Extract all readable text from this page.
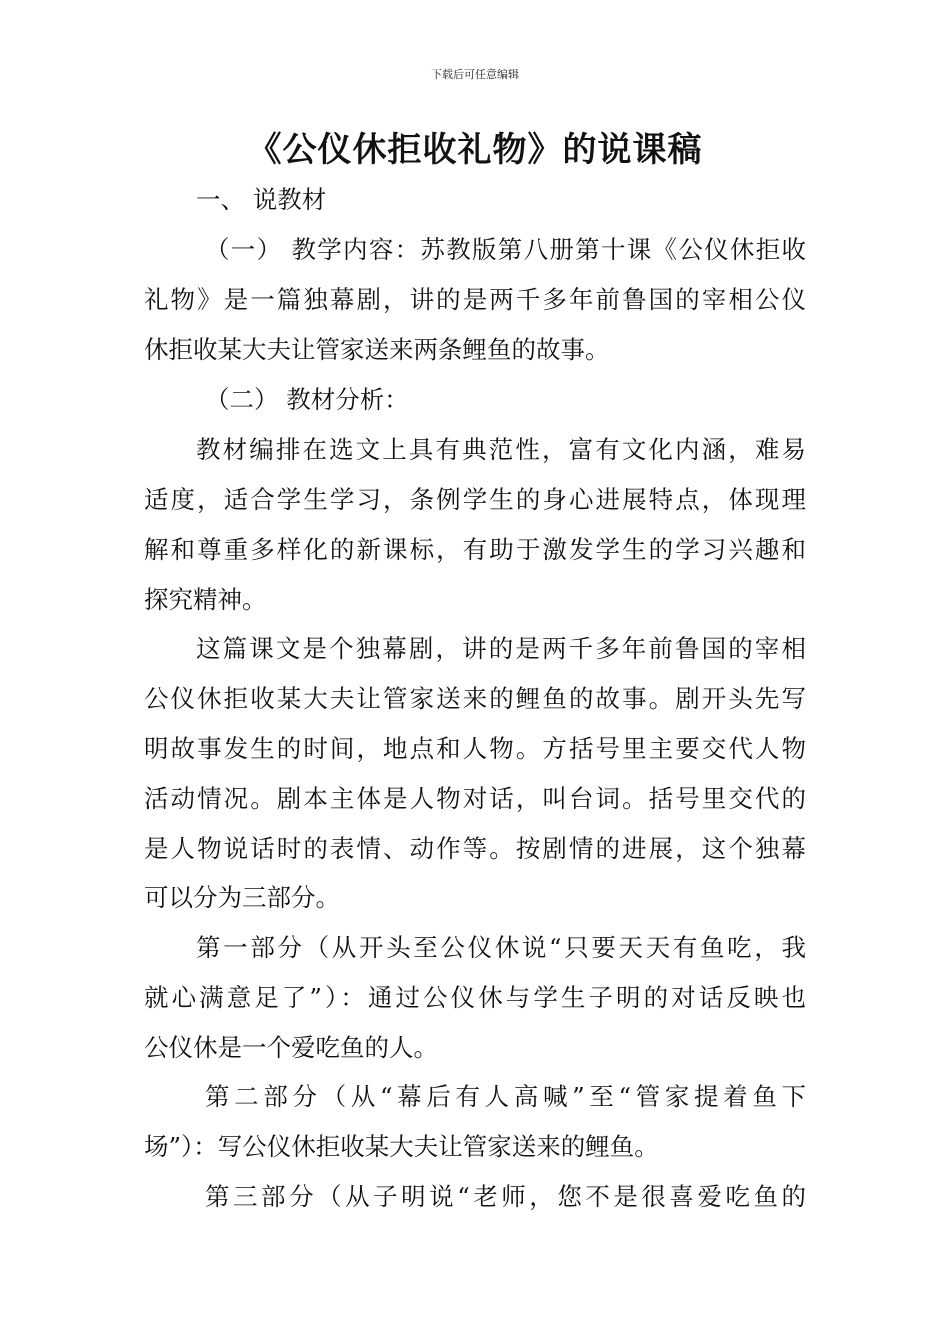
下载后可任意编辑
《公仪休拒收礼物》的说课稿
一、 说教材
（一） 教学内容：苏教版第八册第十课《公仪休拒收
礼物》是一篇独幕剧，讲的是两千多年前鲁国的宰相公仪
休拒收某大夫让管家送来两条鲤鱼的故事。
（二） 教材分析：
教材编排在选文上具有典范性，富有文化内涵，难易
适度，适合学生学习，条例学生的身心进展特点，体现理
解和尊重多样化的新课标，有助于激发学生的学习兴趣和
探究精神。
这篇课文是个独幕剧，讲的是两千多年前鲁国的宰相
公仪休拒收某大夫让管家送来的鲤鱼的故事。剧开头先写
明故事发生的时间，地点和人物。方括号里主要交代人物
活动情况。剧本主体是人物对话，叫台词。括号里交代的
是人物说话时的表情、动作等。按剧情的进展，这个独幕
可以分为三部分。
第一部分（从开头至公仪休说“只要天天有鱼吃，我
就心满意足了”）：通过公仪休与学生子明的对话反映也
公仪休是一个爱吃鱼的人。
第二部分（从“幕后有人高喊”至“管家提着鱼下
场”）：写公仪休拒收某大夫让管家送来的鲤鱼。
第三部分（从子明说“老师，您不是很喜爱吃鱼的
